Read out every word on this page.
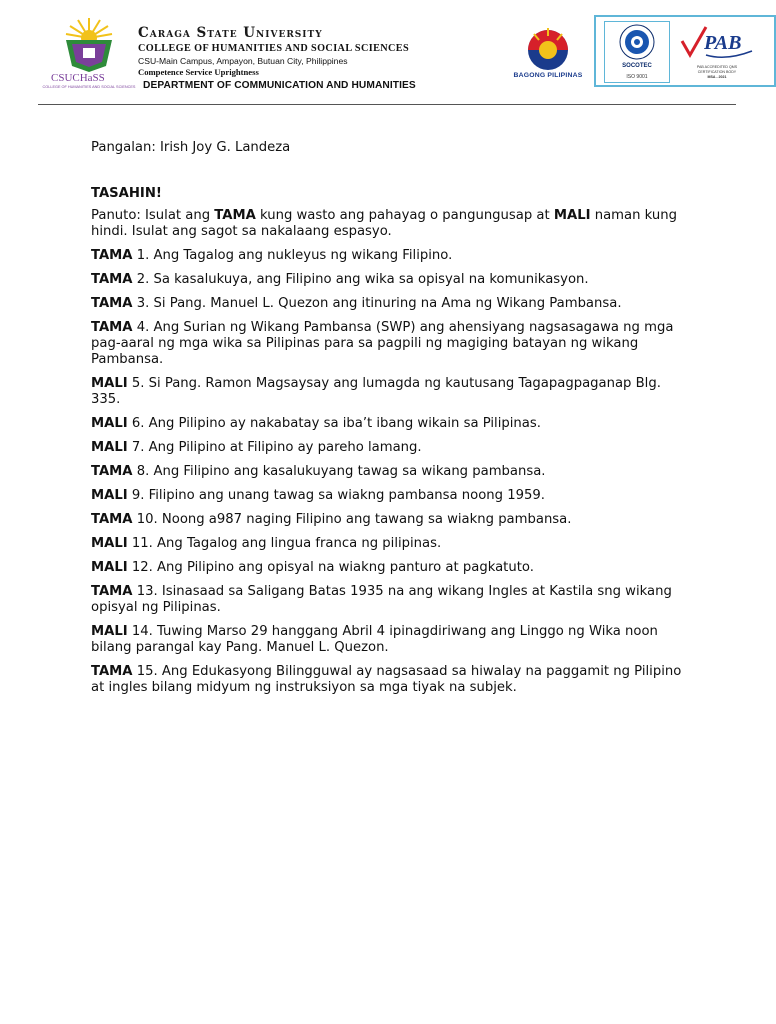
CSUCHaSS
COLLEGE OF HUMANITIES AND SOCIAL SCIENCES
Caraga State University
COLLEGE OF HUMANITIES AND SOCIAL SCIENCES
CSU-Main Campus, Ampayon, Butuan City, Philippines
Competence Service Uprightness
DEPARTMENT OF COMMUNICATION AND HUMANITIES
BAGONG PILIPINAS
SOCOTEC
ISO 9001
PAB
PAB ACCREDITED QMS
CERTIFICATION BODY
MSA - 2021

Pangalan: Irish Joy G. Landeza

TASAHIN!

Panuto: Isulat ang TAMA kung wasto ang pahayag o pangungusap at MALI naman kung hindi. Isulat ang sagot sa nakalaang espasyo.

TAMA 1. Ang Tagalog ang nukleyus ng wikang Filipino.

TAMA 2. Sa kasalukuya, ang Filipino ang wika sa opisyal na komunikasyon.

TAMA 3. Si Pang. Manuel L. Quezon ang itinuring na Ama ng Wikang Pambansa.

TAMA 4. Ang Surian ng Wikang Pambansa (SWP) ang ahensiyang nagsasagawa ng mga pag-aaral ng mga wika sa Pilipinas para sa pagpili ng magiging batayan ng wikang Pambansa.

MALI 5. Si Pang. Ramon Magsaysay ang lumagda ng kautusang Tagapagpaganap Blg. 335.

MALI 6. Ang Pilipino ay nakabatay sa iba’t ibang wikain sa Pilipinas.

MALI 7. Ang Pilipino at Filipino ay pareho lamang.

TAMA 8. Ang Filipino ang kasalukuyang tawag sa wikang pambansa.

MALI 9. Filipino ang unang tawag sa wiakng pambansa noong 1959.

TAMA 10. Noong a987 naging Filipino ang tawang sa wiakng pambansa.

MALI 11. Ang Tagalog ang lingua franca ng pilipinas.

MALI 12. Ang Pilipino ang opisyal na wiakng panturo at pagkatuto.

TAMA 13. Isinasaad sa Saligang Batas 1935 na ang wikang Ingles at Kastila sng wikang opisyal ng Pilipinas.

MALI 14. Tuwing Marso 29 hanggang Abril 4 ipinagdiriwang ang Linggo ng Wika noon bilang parangal kay Pang. Manuel L. Quezon.

TAMA 15. Ang Edukasyong Bilingguwal ay nagsasaad sa hiwalay na paggamit ng Pilipino at ingles bilang midyum ng instruksiyon sa mga tiyak na subjek.
